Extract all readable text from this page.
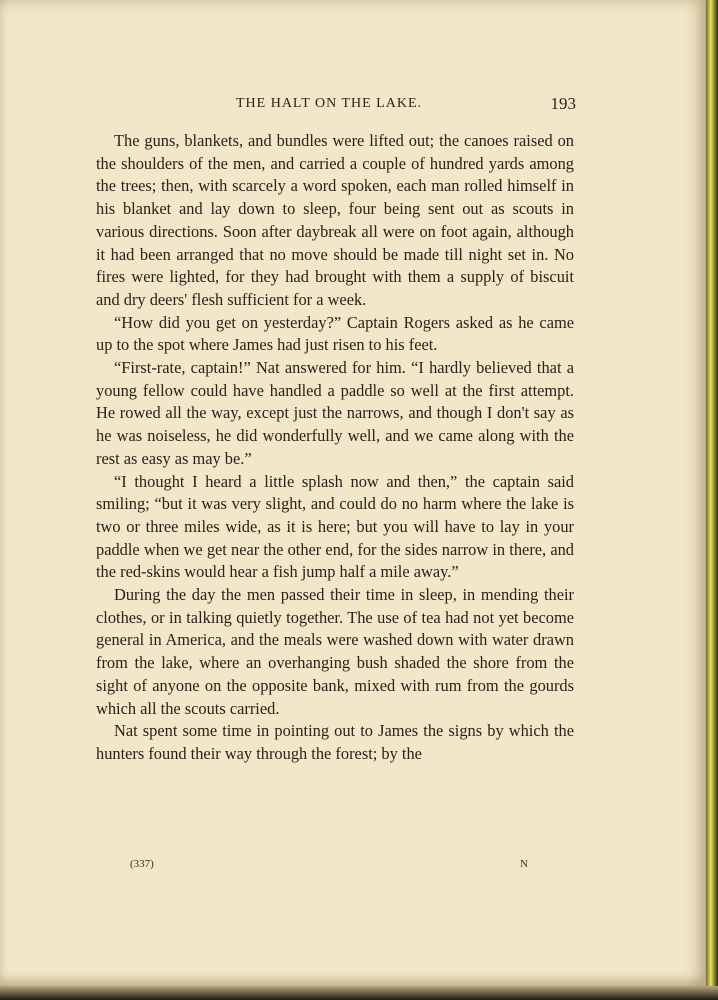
THE HALT ON THE LAKE.	193

The guns, blankets, and bundles were lifted out; the canoes raised on the shoulders of the men, and carried a couple of hundred yards among the trees; then, with scarcely a word spoken, each man rolled himself in his blanket and lay down to sleep, four being sent out as scouts in various directions. Soon after daybreak all were on foot again, although it had been arranged that no move should be made till night set in. No fires were lighted, for they had brought with them a supply of biscuit and dry deers' flesh sufficient for a week.

“How did you get on yesterday?” Captain Rogers asked as he came up to the spot where James had just risen to his feet.

“First-rate, captain!” Nat answered for him. “I hardly believed that a young fellow could have handled a paddle so well at the first attempt. He rowed all the way, except just the narrows, and though I don't say as he was noiseless, he did wonderfully well, and we came along with the rest as easy as may be.”

“I thought I heard a little splash now and then,” the captain said smiling; “but it was very slight, and could do no harm where the lake is two or three miles wide, as it is here; but you will have to lay in your paddle when we get near the other end, for the sides narrow in there, and the red-skins would hear a fish jump half a mile away.”

During the day the men passed their time in sleep, in mending their clothes, or in talking quietly together. The use of tea had not yet become general in America, and the meals were washed down with water drawn from the lake, where an overhanging bush shaded the shore from the sight of anyone on the opposite bank, mixed with rum from the gourds which all the scouts carried.

Nat spent some time in pointing out to James the signs by which the hunters found their way through the forest; by the

(337)	N
